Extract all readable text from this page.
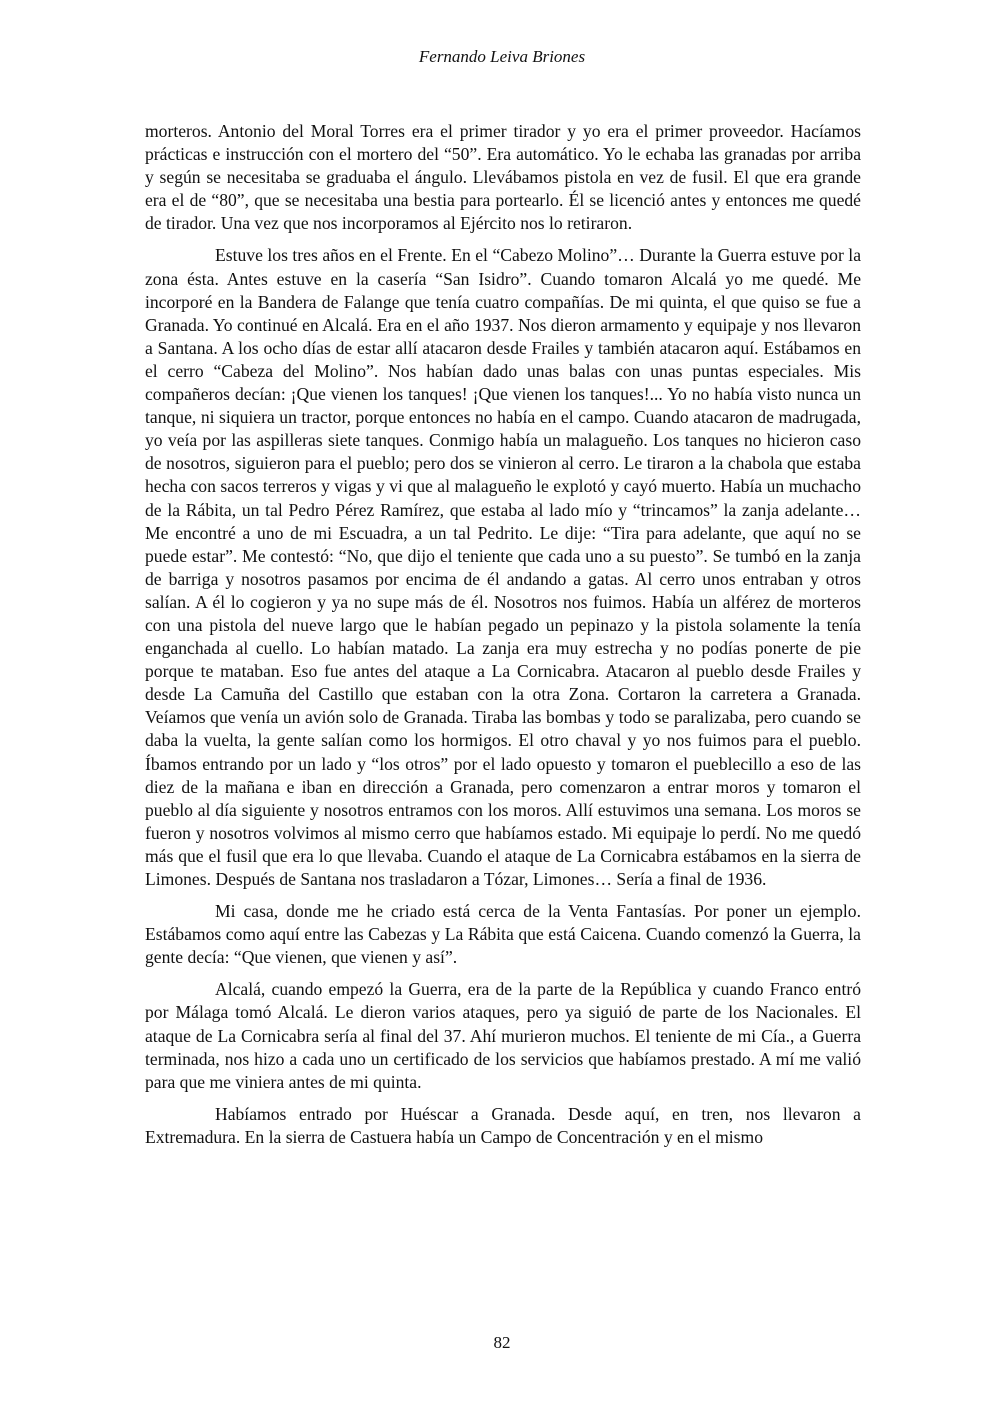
Fernando Leiva Briones

morteros. Antonio del Moral Torres era el primer tirador y yo era el primer proveedor. Hacíamos prácticas e instrucción con el mortero del “50”. Era automático. Yo le echaba las granadas por arriba y según se necesitaba se graduaba el ángulo. Llevábamos pistola en vez de fusil. El que era grande era el de “80”, que se necesitaba una bestia para portearlo. Él se licenció antes y entonces me quedé de tirador. Una vez que nos incorporamos al Ejército nos lo retiraron.

Estuve los tres años en el Frente. En el “Cabezo Molino”… Durante la Guerra estuve por la zona ésta. Antes estuve en la casería “San Isidro”. Cuando tomaron Alcalá yo me quedé. Me incorporé en la Bandera de Falange que tenía cuatro compañías. De mi quinta, el que quiso se fue a Granada. Yo continué en Alcalá. Era en el año 1937. Nos dieron armamento y equipaje y nos llevaron a Santana. A los ocho días de estar allí atacaron desde Frailes y también atacaron aquí. Estábamos en el cerro “Cabeza del Molino”. Nos habían dado unas balas con unas puntas especiales. Mis compañeros decían: ¡Que vienen los tanques! ¡Que vienen los tanques!... Yo no había visto nunca un tanque, ni siquiera un tractor, porque entonces no había en el campo. Cuando atacaron de madrugada, yo veía por las aspilleras siete tanques. Conmigo había un malagueño. Los tanques no hicieron caso de nosotros, siguieron para el pueblo; pero dos se vinieron al cerro. Le tiraron a la chabola que estaba hecha con sacos terreros y vigas y vi que al malagueño le explotó y cayó muerto. Había un muchacho de la Rábita, un tal Pedro Pérez Ramírez, que estaba al lado mío y “trincamos” la zanja adelante… Me encontré a uno de mi Escuadra, a un tal Pedrito. Le dije: “Tira para adelante, que aquí no se puede estar”. Me contestó: “No, que dijo el teniente que cada uno a su puesto”. Se tumbó en la zanja de barriga y nosotros pasamos por encima de él andando a gatas. Al cerro unos entraban y otros salían. A él lo cogieron y ya no supe más de él. Nosotros nos fuimos. Había un alférez de morteros con una pistola del nueve largo que le habían pegado un pepinazo y la pistola solamente la tenía enganchada al cuello. Lo habían matado. La zanja era muy estrecha y no podías ponerte de pie porque te mataban. Eso fue antes del ataque a La Cornicabra. Atacaron al pueblo desde Frailes y desde La Camuña del Castillo que estaban con la otra Zona. Cortaron la carretera a Granada. Veíamos que venía un avión solo de Granada. Tiraba las bombas y todo se paralizaba, pero cuando se daba la vuelta, la gente salían como los hormigos. El otro chaval y yo nos fuimos para el pueblo. Íbamos entrando por un lado y “los otros” por el lado opuesto y tomaron el pueblecillo a eso de las diez de la mañana e iban en dirección a Granada, pero comenzaron a entrar moros y tomaron el pueblo al día siguiente y nosotros entramos con los moros. Allí estuvimos una semana. Los moros se fueron y nosotros volvimos al mismo cerro que habíamos estado. Mi equipaje lo perdí. No me quedó más que el fusil que era lo que llevaba. Cuando el ataque de La Cornicabra estábamos en la sierra de Limones. Después de Santana nos trasladaron a Tózar, Limones… Sería a final de 1936.

Mi casa, donde me he criado está cerca de la Venta Fantasías. Por poner un ejemplo. Estábamos como aquí entre las Cabezas y La Rábita que está Caicena. Cuando comenzó la Guerra, la gente decía: “Que vienen, que vienen y así”.

Alcalá, cuando empezó la Guerra, era de la parte de la República y cuando Franco entró por Málaga tomó Alcalá. Le dieron varios ataques, pero ya siguió de parte de los Nacionales. El ataque de La Cornicabra sería al final del 37. Ahí murieron muchos. El teniente de mi Cía., a Guerra terminada, nos hizo a cada uno un certificado de los servicios que habíamos prestado. A mí me valió para que me viniera antes de mi quinta.

Habíamos entrado por Huéscar a Granada. Desde aquí, en tren, nos llevaron a Extremadura. En la sierra de Castuera había un Campo de Concentración y en el mismo

82
